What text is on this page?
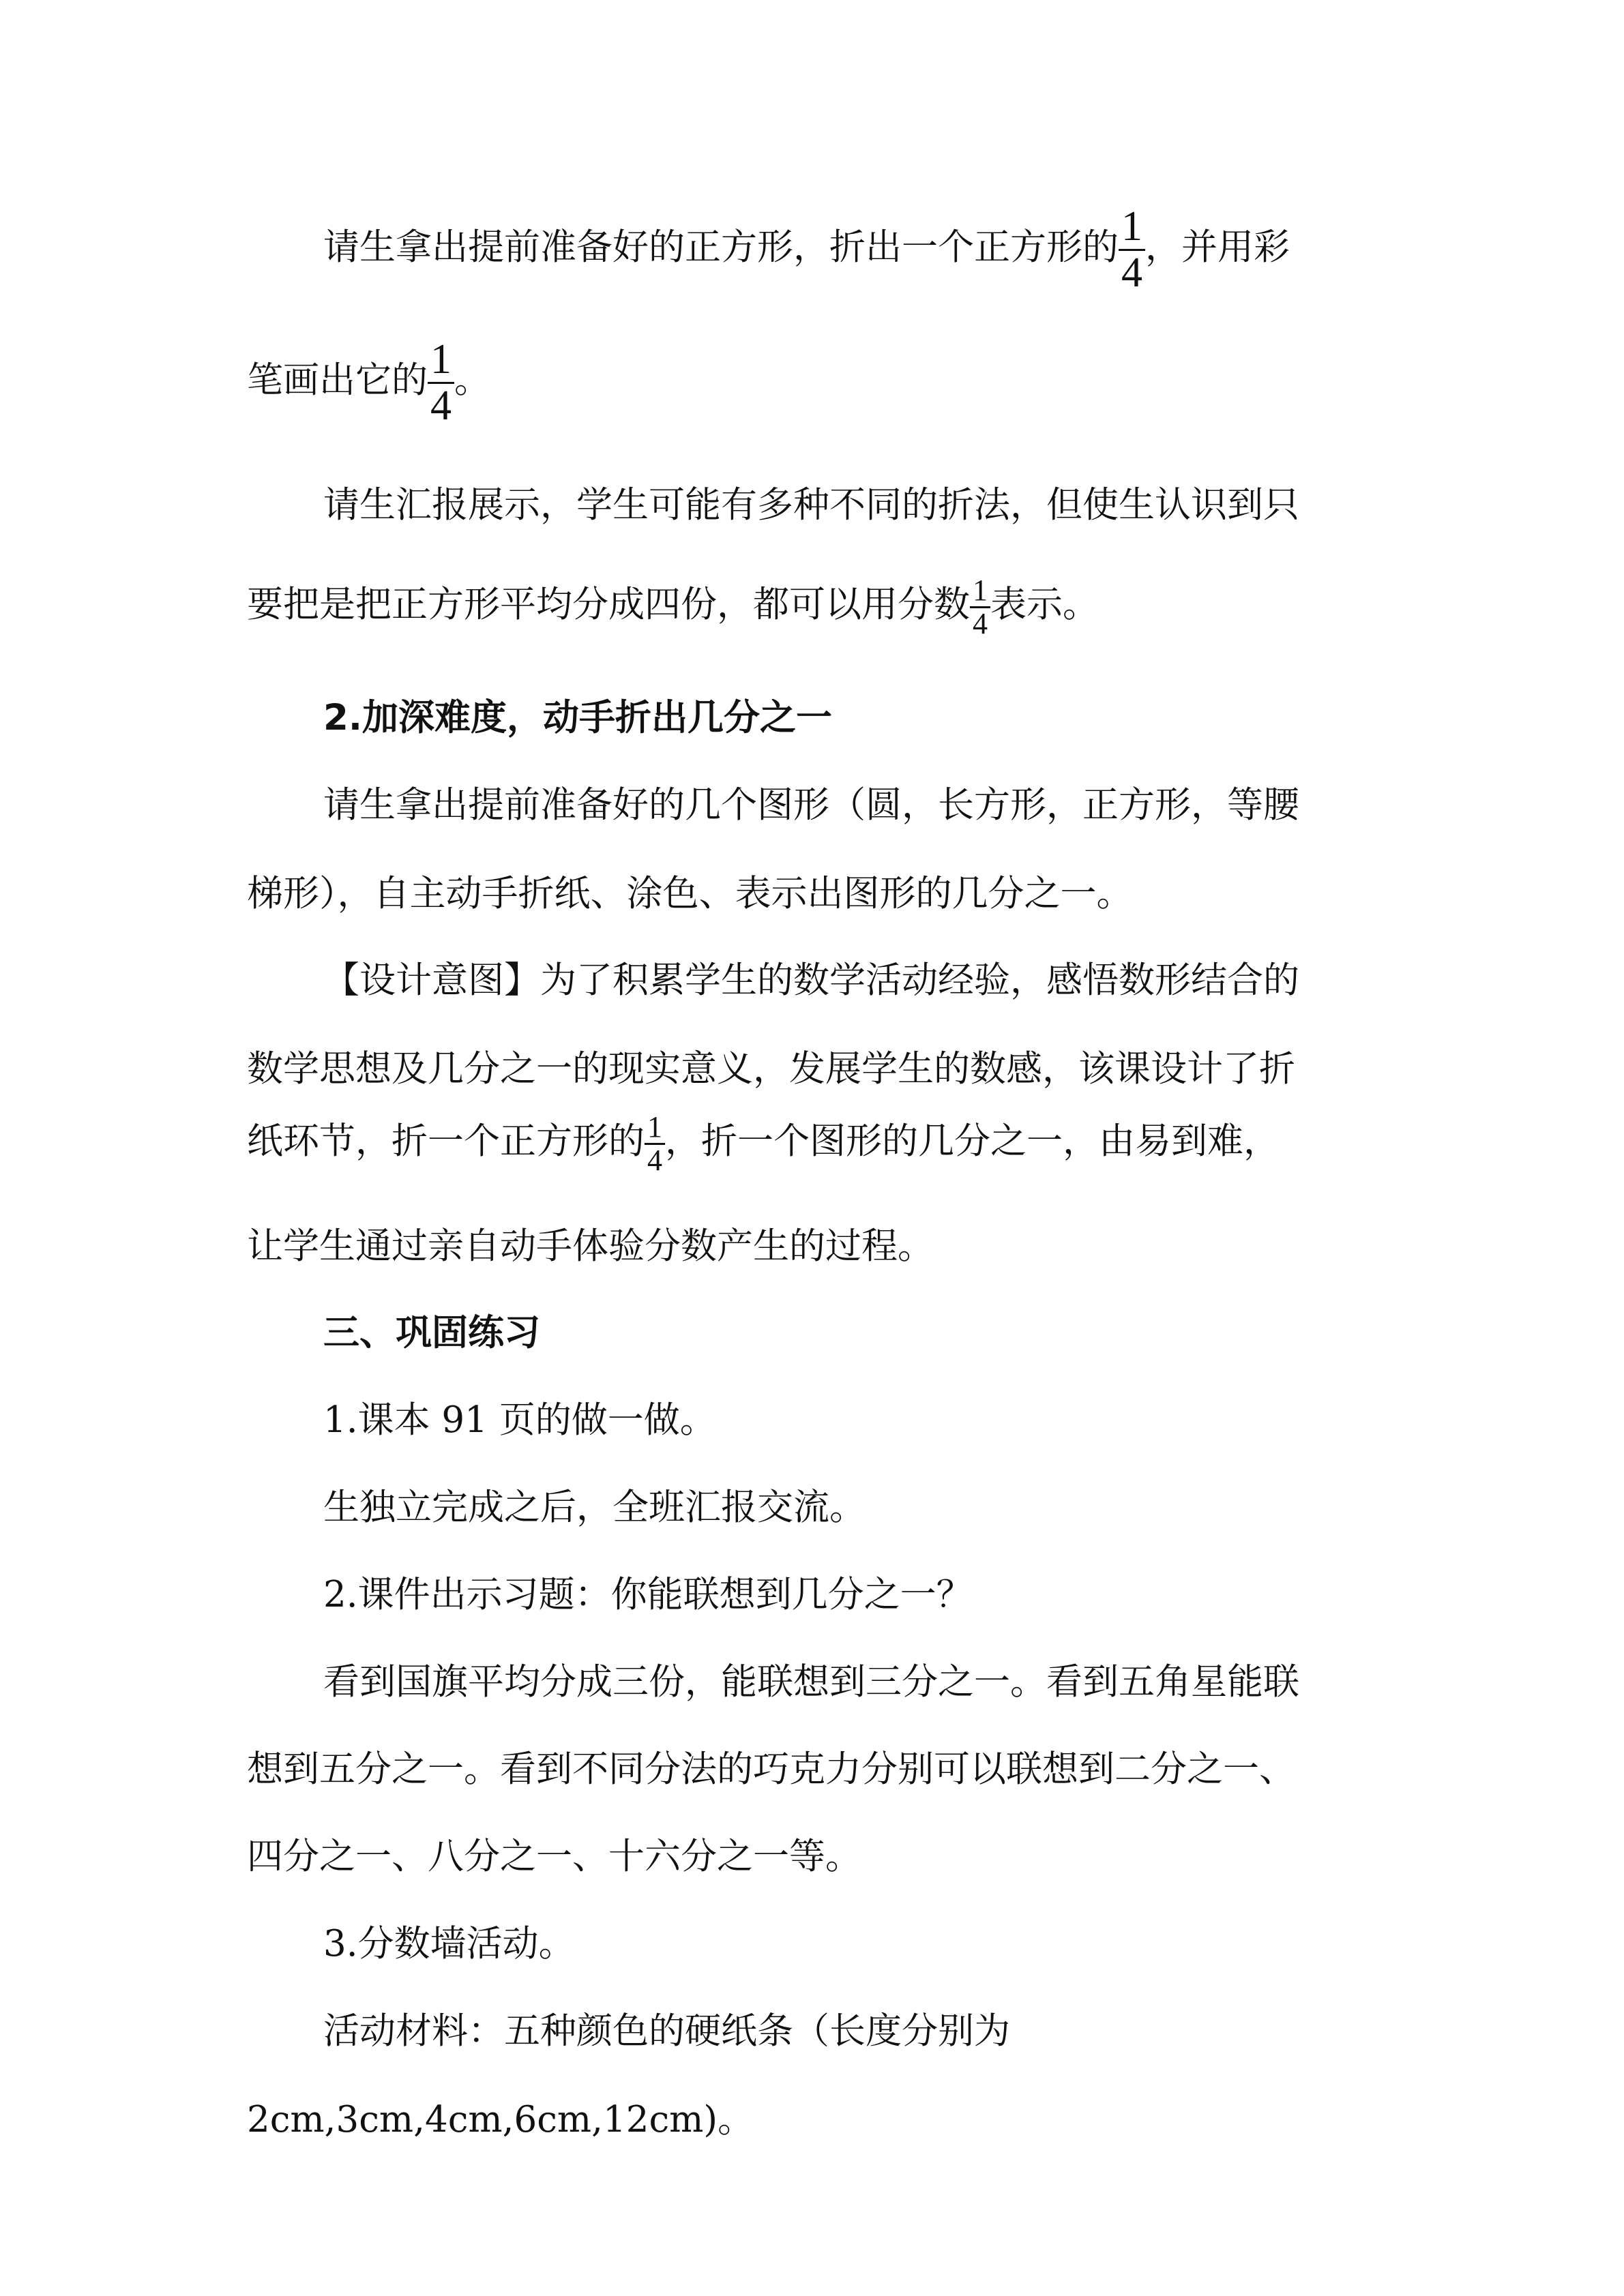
请生拿出提前准备好的正方形，折出一个正方形的 $\frac{1}{4}$ ，并用彩
笔画出它的 $\frac{1}{4}$ 。
请生汇报展示，学生可能有多种不同的折法，但使生认识到只
要把是把正方形平均分成四份，都可以用分数 $\frac{1}{4}$ 表示。
2.加深难度，动手折出几分之一
请生拿出提前准备好的几个图形（圆，长方形，正方形，等腰
梯形），自主动手折纸、涂色、表示出图形的几分之一。
【设计意图】为了积累学生的数学活动经验，感悟数形结合的
数学思想及几分之一的现实意义，发展学生的数感，该课设计了折
纸环节，折一个正方形的 $\frac{1}{4}$ ，折一个图形的几分之一，由易到难，
让学生通过亲自动手体验分数产生的过程。
三、巩固练习
1.课本 91 页的做一做。
生独立完成之后，全班汇报交流。
2.课件出示习题：你能联想到几分之一？
看到国旗平均分成三份，能联想到三分之一。看到五角星能联
想到五分之一。看到不同分法的巧克力分别可以联想到二分之一、
四分之一、八分之一、十六分之一等。
3.分数墙活动。
活动材料：五种颜色的硬纸条（长度分别为
2cm,3cm,4cm,6cm,12cm)。
